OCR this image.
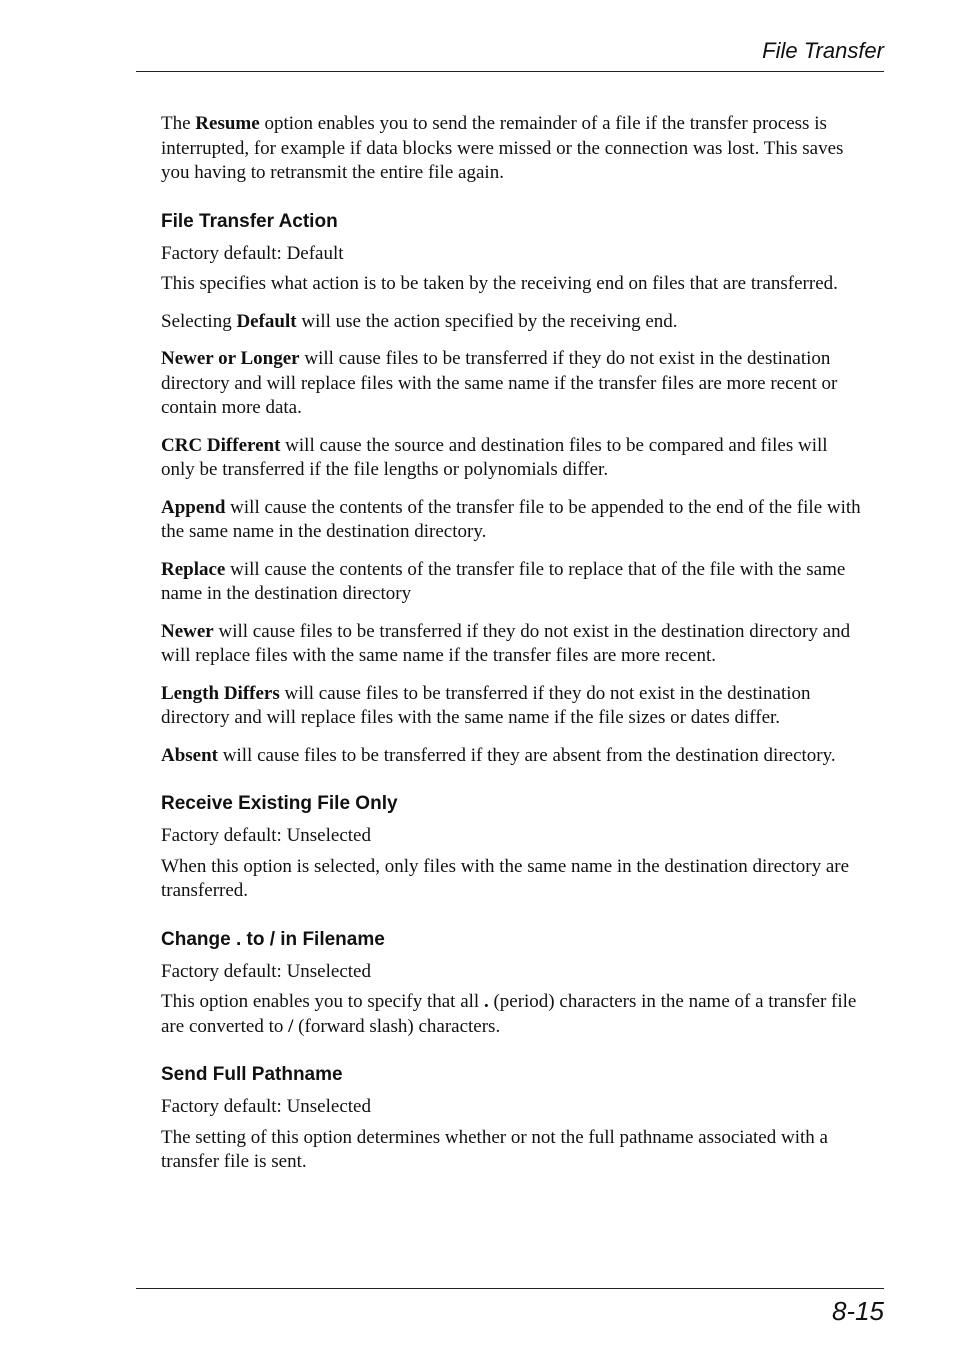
File Transfer

The Resume option enables you to send the remainder of a file if the transfer process is interrupted, for example if data blocks were missed or the connection was lost. This saves you having to retransmit the entire file again.

File Transfer Action

Factory default: Default

This specifies what action is to be taken by the receiving end on files that are transferred.

Selecting Default will use the action specified by the receiving end.

Newer or Longer will cause files to be transferred if they do not exist in the destination directory and will replace files with the same name if the transfer files are more recent or contain more data.

CRC Different will cause the source and destination files to be compared and files will only be transferred if the file lengths or polynomials differ.

Append will cause the contents of the transfer file to be appended to the end of the file with the same name in the destination directory.

Replace will cause the contents of the transfer file to replace that of the file with the same name in the destination directory

Newer will cause files to be transferred if they do not exist in the destination directory and will replace files with the same name if the transfer files are more recent.

Length Differs will cause files to be transferred if they do not exist in the destination directory and will replace files with the same name if the file sizes or dates differ.

Absent will cause files to be transferred if they are absent from the destination directory.

Receive Existing File Only

Factory default: Unselected

When this option is selected, only files with the same name in the destination directory are transferred.

Change . to / in Filename

Factory default: Unselected

This option enables you to specify that all . (period) characters in the name of a transfer file are converted to / (forward slash) characters.

Send Full Pathname

Factory default: Unselected

The setting of this option determines whether or not the full pathname associated with a transfer file is sent.

8-15
